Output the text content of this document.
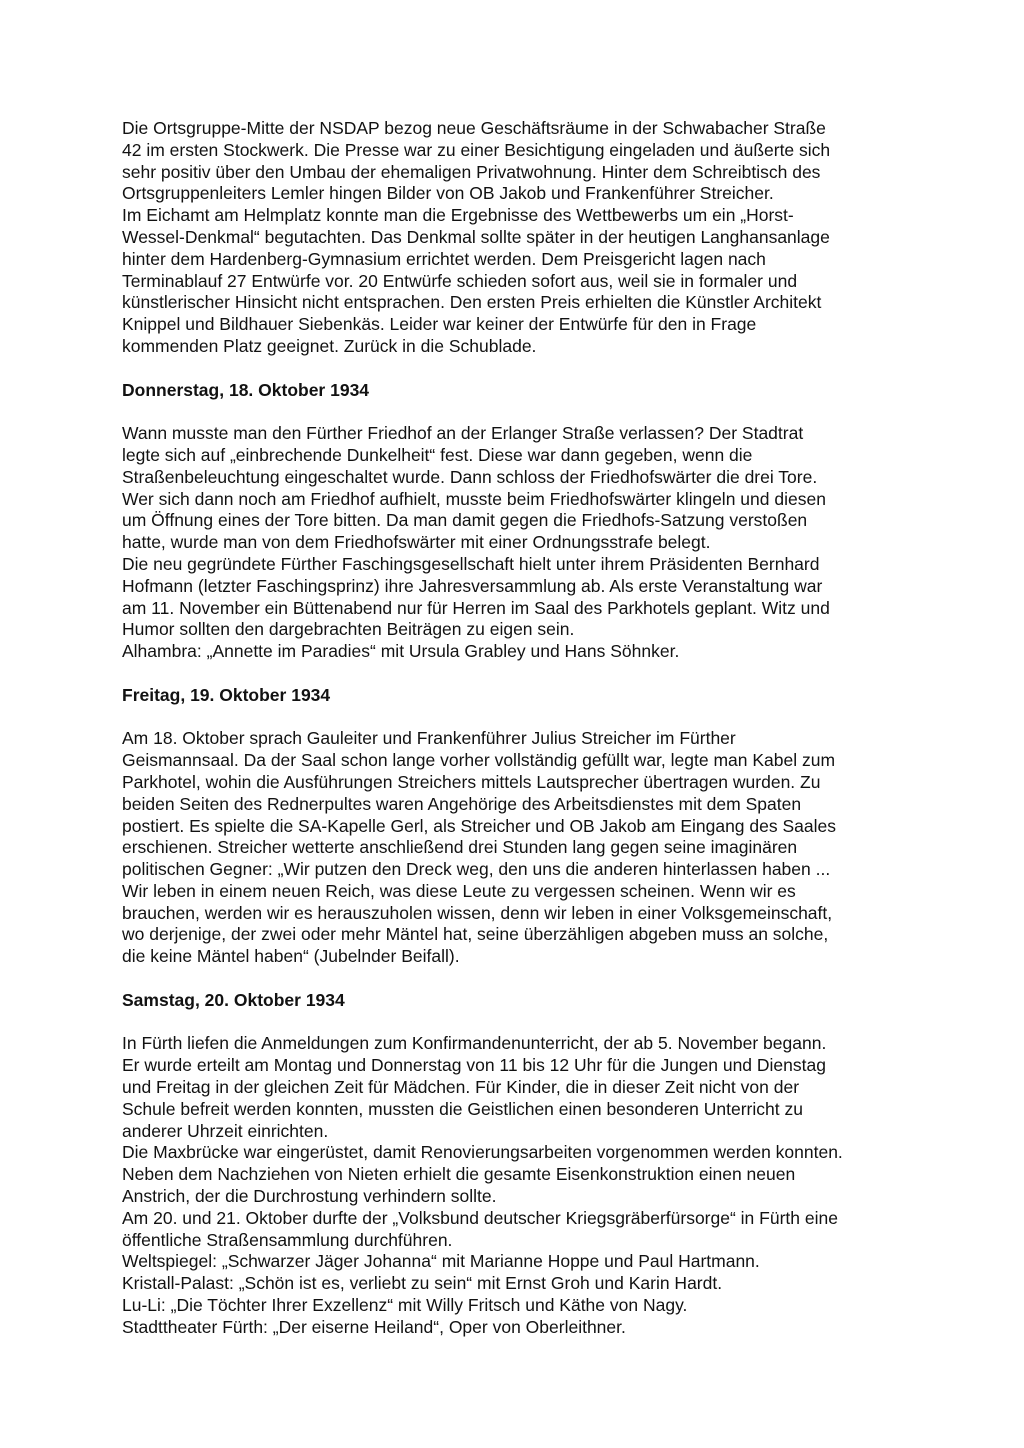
Die Ortsgruppe-Mitte der NSDAP bezog neue Geschäftsräume in der Schwabacher Straße
42 im ersten Stockwerk. Die Presse war zu einer Besichtigung eingeladen und äußerte sich
sehr positiv über den Umbau der ehemaligen Privatwohnung. Hinter dem Schreibtisch des
Ortsgruppenleiters Lemler hingen Bilder von OB Jakob und Frankenführer Streicher.
Im Eichamt am Helmplatz konnte man die Ergebnisse des Wettbewerbs um ein „Horst-
Wessel-Denkmal“ begutachten. Das Denkmal sollte später in der heutigen Langhansanlage
hinter dem Hardenberg-Gymnasium errichtet werden. Dem Preisgericht lagen nach
Terminablauf 27 Entwürfe vor. 20 Entwürfe schieden sofort aus, weil sie in formaler und
künstlerischer Hinsicht nicht entsprachen. Den ersten Preis erhielten die Künstler Architekt
Knippel und Bildhauer Siebenkäs. Leider war keiner der Entwürfe für den in Frage
kommenden Platz geeignet. Zurück in die Schublade.

Donnerstag, 18. Oktober 1934

Wann musste man den Fürther Friedhof an der Erlanger Straße verlassen? Der Stadtrat
legte sich auf „einbrechende Dunkelheit“ fest. Diese war dann gegeben, wenn die
Straßenbeleuchtung eingeschaltet wurde. Dann schloss der Friedhofswärter die drei Tore.
Wer sich dann noch am Friedhof aufhielt, musste beim Friedhofswärter klingeln und diesen
um Öffnung eines der Tore bitten. Da man damit gegen die Friedhofs-Satzung verstoßen
hatte, wurde man von dem Friedhofswärter mit einer Ordnungsstrafe belegt.
Die neu gegründete Fürther Faschingsgesellschaft hielt unter ihrem Präsidenten Bernhard
Hofmann (letzter Faschingsprinz) ihre Jahresversammlung ab. Als erste Veranstaltung war
am 11. November ein Büttenabend nur für Herren im Saal des Parkhotels geplant. Witz und
Humor sollten den dargebrachten Beiträgen zu eigen sein.
Alhambra: „Annette im Paradies“ mit Ursula Grabley und Hans Söhnker.

Freitag, 19. Oktober 1934

Am 18. Oktober sprach Gauleiter und Frankenführer Julius Streicher im Fürther
Geismannsaal. Da der Saal schon lange vorher vollständig gefüllt war, legte man Kabel zum
Parkhotel, wohin die Ausführungen Streichers mittels Lautsprecher übertragen wurden. Zu
beiden Seiten des Rednerpultes waren Angehörige des Arbeitsdienstes mit dem Spaten
postiert. Es spielte die SA-Kapelle Gerl, als Streicher und OB Jakob am Eingang des Saales
erschienen. Streicher wetterte anschließend drei Stunden lang gegen seine imaginären
politischen Gegner: „Wir putzen den Dreck weg, den uns die anderen hinterlassen haben ...
Wir leben in einem neuen Reich, was diese Leute zu vergessen scheinen. Wenn wir es
brauchen, werden wir es herauszuholen wissen, denn wir leben in einer Volksgemeinschaft,
wo derjenige, der zwei oder mehr Mäntel hat, seine überzähligen abgeben muss an solche,
die keine Mäntel haben“ (Jubelnder Beifall).

Samstag, 20. Oktober 1934

In Fürth liefen die Anmeldungen zum Konfirmandenunterricht, der ab 5. November begann.
Er wurde erteilt am Montag und Donnerstag von 11 bis 12 Uhr für die Jungen und Dienstag
und Freitag in der gleichen Zeit für Mädchen. Für Kinder, die in dieser Zeit nicht von der
Schule befreit werden konnten, mussten die Geistlichen einen besonderen Unterricht zu
anderer Uhrzeit einrichten.
Die Maxbrücke war eingerüstet, damit Renovierungsarbeiten vorgenommen werden konnten.
Neben dem Nachziehen von Nieten erhielt die gesamte Eisenkonstruktion einen neuen
Anstrich, der die Durchrostung verhindern sollte.
Am 20. und 21. Oktober durfte der „Volksbund deutscher Kriegsgräberfürsorge“ in Fürth eine
öffentliche Straßensammlung durchführen.
Weltspiegel: „Schwarzer Jäger Johanna“ mit Marianne Hoppe und Paul Hartmann.
Kristall-Palast: „Schön ist es, verliebt zu sein“ mit Ernst Groh und Karin Hardt.
Lu-Li: „Die Töchter Ihrer Exzellenz“ mit Willy Fritsch und Käthe von Nagy.
Stadttheater Fürth: „Der eiserne Heiland“, Oper von Oberleithner.
